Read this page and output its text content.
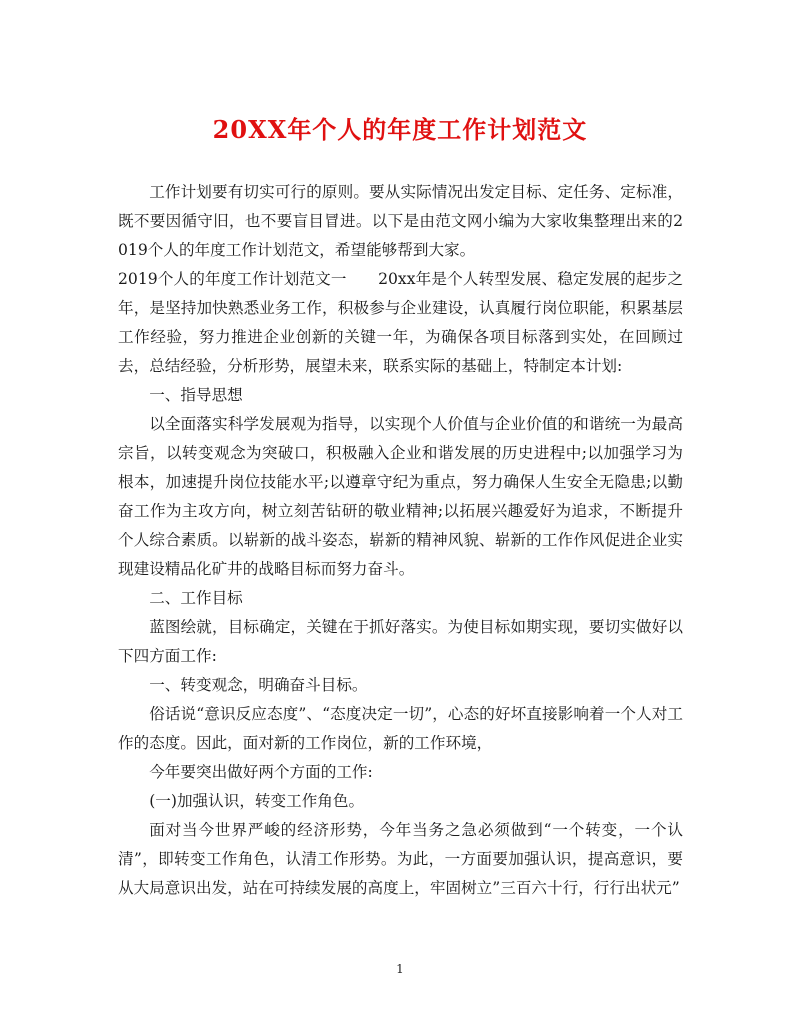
20XX年个人的年度工作计划范文

工作计划要有切实可行的原则。要从实际情况出发定目标、定任务、定标准，既不要因循守旧，也不要盲目冒进。以下是由范文网小编为大家收集整理出来的2019个人的年度工作计划范文，希望能够帮到大家。

2019个人的年度工作计划范文一　　20xx年是个人转型发展、稳定发展的起步之年，是坚持加快熟悉业务工作，积极参与企业建设，认真履行岗位职能，积累基层工作经验，努力推进企业创新的关键一年，为确保各项目标落到实处，在回顾过去，总结经验，分析形势，展望未来，联系实际的基础上，特制定本计划:

一、指导思想

以全面落实科学发展观为指导，以实现个人价值与企业价值的和谐统一为最高宗旨，以转变观念为突破口，积极融入企业和谐发展的历史进程中;以加强学习为根本，加速提升岗位技能水平;以遵章守纪为重点，努力确保人生安全无隐患;以勤奋工作为主攻方向，树立刻苦钻研的敬业精神;以拓展兴趣爱好为追求，不断提升个人综合素质。以崭新的战斗姿态，崭新的精神风貌、崭新的工作作风促进企业实现建设精品化矿井的战略目标而努力奋斗。

二、工作目标

蓝图绘就，目标确定，关键在于抓好落实。为使目标如期实现，要切实做好以下四方面工作:

一、转变观念，明确奋斗目标。

俗话说“意识反应态度”、“态度决定一切”，心态的好坏直接影响着一个人对工作的态度。因此，面对新的工作岗位，新的工作环境，

今年要突出做好两个方面的工作:

(一)加强认识，转变工作角色。

面对当今世界严峻的经济形势，今年当务之急必须做到“一个转变，一个认清”，即转变工作角色，认清工作形势。为此，一方面要加强认识，提高意识，要从大局意识出发，站在可持续发展的高度上，牢固树立”三百六十行，行行出状元”

1
